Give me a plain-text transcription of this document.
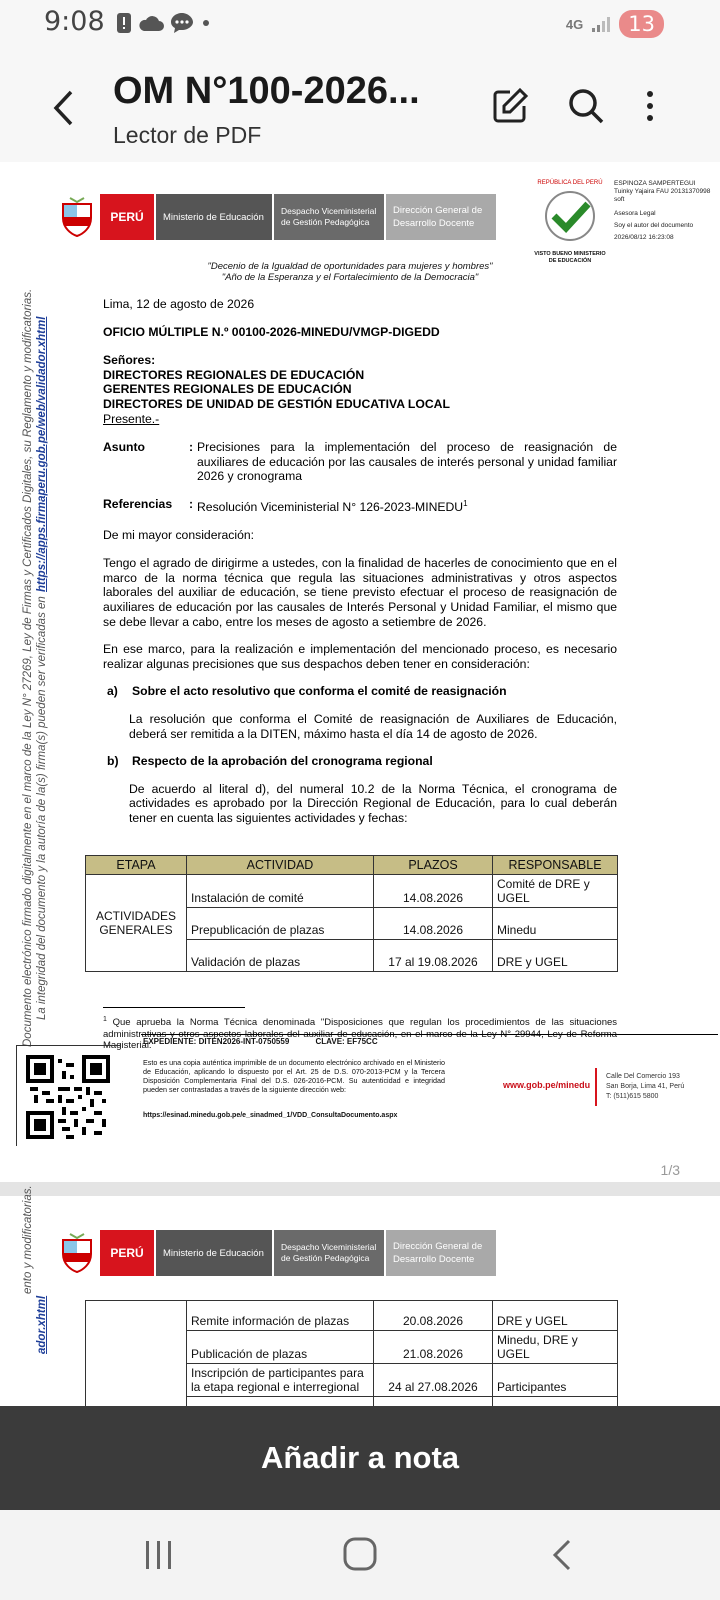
9:08	4G	13
OM N°100-2026...
Lector de PDF
Documento electrónico firmado digitalmente en el marco de la Ley N° 27269, Ley de Firmas y Certificados Digitales, su Reglamento y modificatorias. La integridad del documento y la autoría de la(s) firma(s) pueden ser verificadas en
https://apps.firmaperu.gob.pe/web/validador.xhtml
PERÚ	Ministerio de Educación
Despacho Viceministerial de Gestión Pedagógica
Dirección General de Desarrollo Docente
REPÚBLICA DEL PERÚ
VISTO BUENO MINISTERIO DE EDUCACIÓN
ESPINOZA SAMPERTEGUI Tuinky Yajaira FAU 20131370998 soft
Asesora Legal
Soy el autor del documento
2026/08/12 16:23:08
"Decenio de la Igualdad de oportunidades para mujeres y hombres"
"Año de la Esperanza y el Fortalecimiento de la Democracia"
Lima, 12 de agosto de 2026
OFICIO MÚLTIPLE N.º 00100-2026-MINEDU/VMGP-DIGEDD
Señores:
DIRECTORES REGIONALES DE EDUCACIÓN
GERENTES REGIONALES DE EDUCACIÓN
DIRECTORES DE UNIDAD DE GESTIÓN EDUCATIVA LOCAL
Presente.-
Asunto	: Precisiones para la implementación del proceso de reasignación de auxiliares de educación por las causales de interés personal y unidad familiar 2026 y cronograma
Referencias	: Resolución Viceministerial N° 126-2023-MINEDU$^1$
De mi mayor consideración:
Tengo el agrado de dirigirme a ustedes, con la finalidad de hacerles de conocimiento que en el marco de la norma técnica que regula las situaciones administrativas y otros aspectos laborales del auxiliar de educación, se tiene previsto efectuar el proceso de reasignación de auxiliares de educación por las causales de Interés Personal y Unidad Familiar, el mismo que se debe llevar a cabo, entre los meses de agosto a setiembre de 2026.
En ese marco, para la realización e implementación del mencionado proceso, es necesario realizar algunas precisiones que sus despachos deben tener en consideración:
a)	Sobre el acto resolutivo que conforma el comité de reasignación
La resolución que conforma el Comité de reasignación de Auxiliares de Educación, deberá ser remitida a la DITEN, máximo hasta el día 14 de agosto de 2026.
b)	Respecto de la aprobación del cronograma regional
De acuerdo al literal d), del numeral 10.2 de la Norma Técnica, el cronograma de actividades es aprobado por la Dirección Regional de Educación, para lo cual deberán tener en cuenta las siguientes actividades y fechas:
ETAPA	ACTIVIDAD	PLAZOS	RESPONSABLE
ACTIVIDADES GENERALES	Instalación de comité	14.08.2026	Comité de DRE y UGEL
	Prepublicación de plazas	14.08.2026	Minedu
	Validación de plazas	17 al 19.08.2026	DRE y UGEL
$^1$ Que aprueba la Norma Técnica denominada "Disposiciones que regulan los procedimientos de las situaciones administrativas y otros aspectos laborales del auxiliar de educación, en el marco de la Ley N° 29944, Ley de Reforma Magisterial.
EXPEDIENTE: DITEN2026-INT-0750559	CLAVE: EF75CC
Esto es una copia auténtica imprimible de un documento electrónico archivado en el Ministerio de Educación, aplicando lo dispuesto por el Art. 25 de D.S. 070-2013-PCM y la Tercera Disposición Complementaria Final del D.S. 026-2016-PCM. Su autenticidad e integridad pueden ser contrastadas a través de la siguiente dirección web:
https://esinad.minedu.gob.pe/e_sinadmed_1/VDD_ConsultaDocumento.aspx
www.gob.pe/minedu
Calle Del Comercio 193
San Borja, Lima 41, Perú
T: (511)615 5800
1/3
ento y modificatorias.
ador.xhtml
PERÚ	Ministerio de Educación
Despacho Viceministerial de Gestión Pedagógica
Dirección General de Desarrollo Docente
	Remite información de plazas	20.08.2026	DRE y UGEL
	Publicación de plazas	21.08.2026	Minedu, DRE y UGEL
	Inscripción de participantes para la etapa regional e interregional	24 al 27.08.2026	Participantes

Añadir a nota
